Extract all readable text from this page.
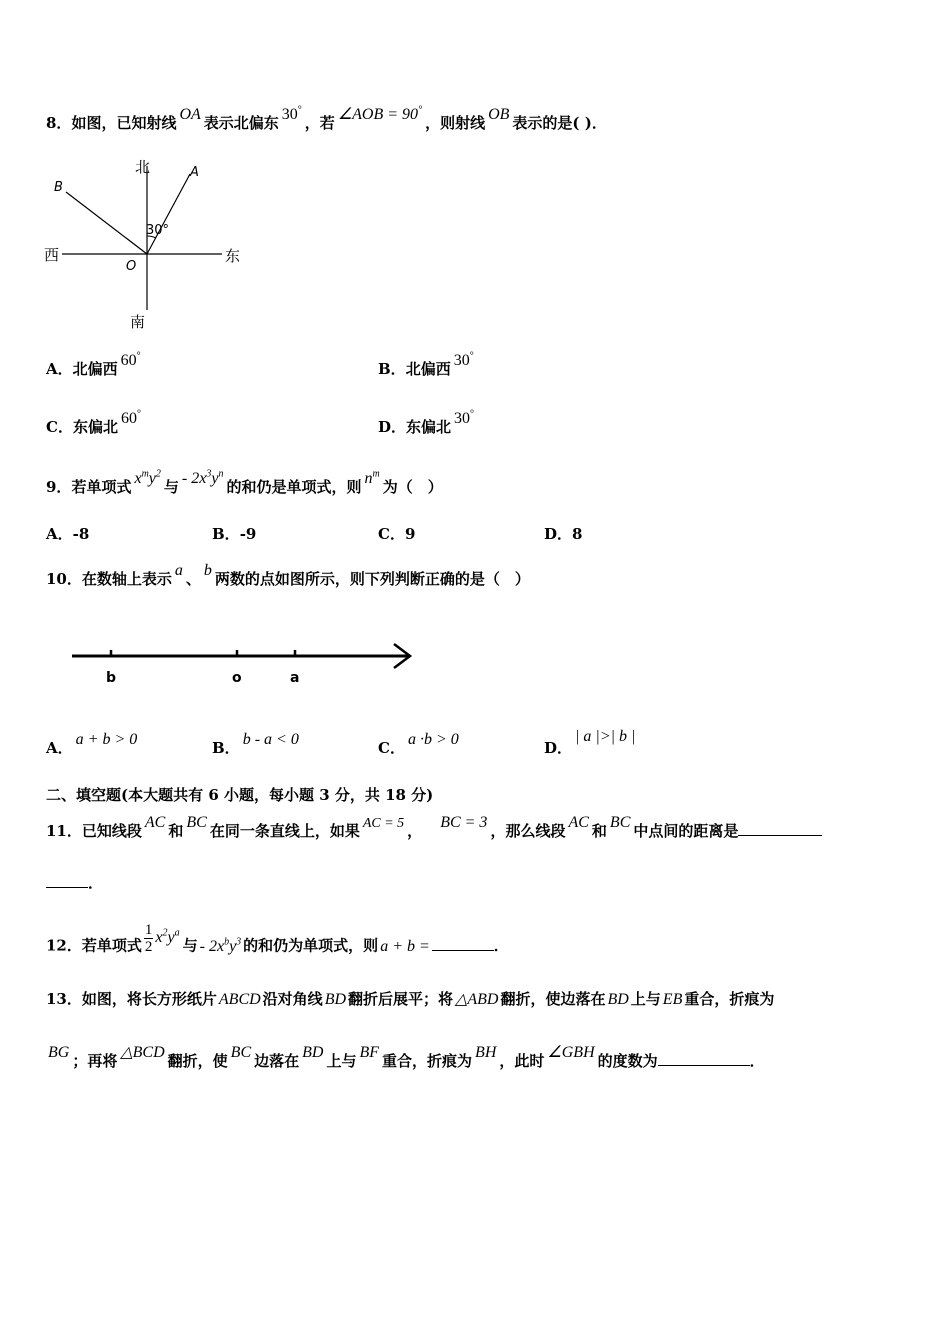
8．如图，已知射线 OA 表示北偏东 30°，若 ∠AOB = 90°，则射线 OB 表示的是( )．
北
南
东
西
A
B
O
30°
A．北偏西 60°
B．北偏西 30°
C．东偏北 60°
D．东偏北 30°
9．若单项式 $x^my^2$与 - $2x^3y^n$的和仍是单项式，则 $n^m$为（　）
A．-8	B．-9	C．9	D．8
10．在数轴上表示 a 、 b 两数的点如图所示，则下列判断正确的是（　）
b	o	a
A． a + b > 0	B． b - a < 0	C． a ·b > 0	D．| a |>| b |
二、填空题(本大题共有 6 小题，每小题 3 分，共 18 分)
11．已知线段 AC 和 BC 在同一条直线上，如果 AC = 5 ， BC = 3 ，那么线段 AC 和 BC 中点间的距离是
．
12．若单项式 $\frac{1}{2} x^2y^a$与 - $2x^by^3$ 的和仍为单项式，则 a + b =	．
13．如图，将长方形纸片 ABCD 沿对角线 BD 翻折后展平；将 △ABD 翻折，使边落在 BD 上与 EB 重合，折痕为
BG ；再将 △BCD 翻折，使 BC 边落在 BD 上与 BF 重合，折痕为 BH ，此时 ∠GBH 的度数为	．
